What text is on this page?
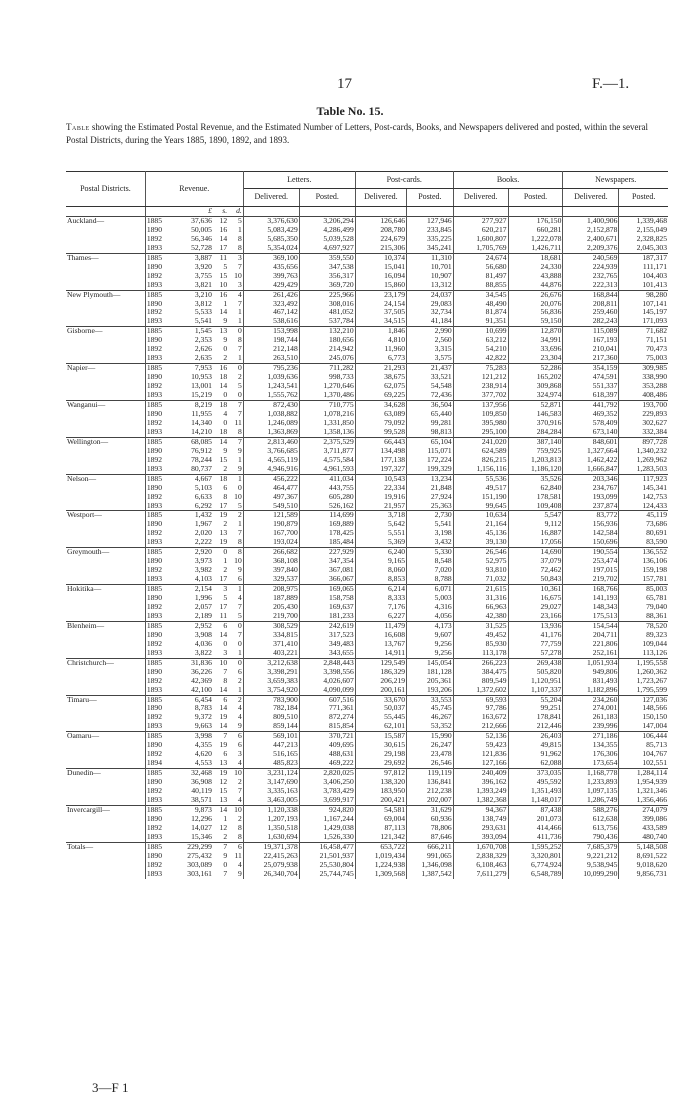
17	F.—1.
Table No. 15.
Table showing the Estimated Postal Revenue, and the Estimated Number of Letters, Post-cards, Books, and Newspapers delivered and posted, within the several Postal Districts, during the Years 1885, 1890, 1892, and 1893.
Postal Districts.	Revenue.				Letters.		Post-cards.		Books.		Newspapers.	
					Delivered.	Posted.	Delivered.	Posted.	Delivered.	Posted.	Delivered.	Posted.
		£	s.	d.								
Auckland—	1885	37,636	12	5	3,376,630	3,206,294	126,646	127,946	277,927	176,150	1,400,906	1,339,468
	1890	50,005	16	1	5,083,429	4,286,499	208,780	233,845	620,217	660,281	2,152,878	2,155,049
	1892	56,346	14	8	5,685,350	5,039,528	224,679	335,225	1,600,807	1,222,078	2,400,671	2,328,825
	1893	52,728	17	8	5,354,024	4,697,927	215,306	345,241	1,705,769	1,426,711	2,209,376	2,045,303
Thames—	1885	3,887	11	3	369,100	359,550	10,374	11,310	24,674	18,681	240,569	187,317
	1890	3,920	5	7	435,656	347,538	15,041	10,701	56,680	24,330	224,939	111,171
	1892	3,755	15	10	399,763	356,317	16,094	10,907	81,497	43,888	232,765	104,403
	1893	3,821	10	3	429,429	369,720	15,860	13,312	88,855	44,876	222,313	101,413
New Plymouth—	1885	3,210	16	4	261,426	225,966	23,179	24,037	34,545	26,676	168,844	98,280
	1890	3,812	1	7	323,492	308,016	24,154	29,083	48,490	20,076	208,811	107,141
	1892	5,533	14	1	467,142	481,052	37,505	32,734	81,874	56,836	259,460	145,197
	1893	5,541	9	1	538,616	537,784	34,515	41,184	91,351	59,150	282,243	171,093
Gisborne—	1885	1,545	13	0	153,998	132,210	1,846	2,990	10,699	12,870	115,089	71,682
	1890	2,353	9	8	198,744	180,656	4,810	2,560	63,212	34,991	167,193	71,151
	1892	2,626	0	7	212,148	214,942	11,960	3,315	54,210	33,696	210,041	70,473
	1893	2,635	2	1	263,510	245,076	6,773	3,575	42,822	23,304	217,360	75,003
Napier—	1885	7,953	16	0	795,236	711,282	21,293	21,437	75,283	52,286	354,159	309,985
	1890	10,953	18	2	1,039,636	998,733	38,675	33,521	121,212	165,202	474,591	338,990
	1892	13,001	14	5	1,243,541	1,270,646	62,075	54,548	238,914	309,868	551,337	353,288
	1893	15,219	0	0	1,555,762	1,370,486	69,225	72,436	377,702	324,974	618,397	408,486
Wanganui—	1885	8,219	18	7	872,430	710,775	34,628	36,504	137,956	52,871	441,792	193,700
	1890	11,955	4	7	1,038,882	1,078,216	63,089	65,440	109,850	146,583	469,352	229,893
	1892	14,340	0	11	1,246,089	1,331,850	79,092	99,281	395,980	370,916	578,409	302,627
	1893	14,210	18	8	1,363,869	1,358,136	99,528	98,813	295,100	284,284	673,140	332,384
Wellington—	1885	68,085	14	7	2,813,460	2,375,529	66,443	65,104	241,020	387,140	848,601	897,728
	1890	76,912	9	9	3,766,685	3,711,877	134,498	115,071	624,589	759,925	1,327,664	1,340,232
	1892	78,244	15	1	4,565,119	4,575,584	177,138	172,224	826,215	1,203,813	1,462,422	1,269,962
	1893	80,737	2	9	4,946,916	4,961,593	197,327	199,329	1,156,116	1,186,120	1,666,847	1,283,503
Nelson—	1885	4,667	18	1	456,222	411,034	10,543	13,234	55,536	35,526	203,346	117,923
	1890	5,103	6	0	464,477	443,755	22,334	21,848	49,517	62,840	234,767	145,341
	1892	6,633	8	10	497,367	605,280	19,916	27,924	151,190	178,581	193,099	142,753
	1893	6,292	17	5	549,510	526,162	21,957	25,363	99,645	109,408	237,874	124,433
Westport—	1885	1,432	19	2	121,589	114,699	3,718	2,730	10,634	5,547	83,772	45,119
	1890	1,967	2	1	190,879	169,889	5,642	5,541	21,164	9,112	156,936	73,686
	1892	2,020	13	7	167,700	178,425	5,551	3,198	45,136	16,887	142,584	80,691
	1893	2,222	19	8	193,024	185,484	5,369	3,432	39,130	17,056	150,696	83,590
Greymouth—	1885	2,920	0	8	266,682	227,929	6,240	5,330	26,546	14,690	190,554	136,552
	1890	3,973	1	10	368,108	347,354	9,165	8,548	52,975	37,079	253,474	136,106
	1892	3,982	2	9	397,840	367,081	8,060	7,020	93,810	72,462	197,015	159,198
	1893	4,103	17	6	329,537	366,067	8,853	8,788	71,032	50,843	219,702	157,781
Hokitika—	1885	2,154	3	1	208,975	169,065	6,214	6,071	21,615	10,361	168,766	85,003
	1890	1,996	5	4	187,889	158,758	8,333	5,003	31,316	16,675	141,193	65,781
	1892	2,057	17	7	205,430	169,637	7,176	4,316	66,963	29,027	148,343	79,040
	1893	2,189	11	5	219,700	181,233	6,227	4,056	42,380	23,166	175,513	88,361
Blenheim—	1885	2,952	6	0	308,529	242,619	11,479	4,173	31,525	13,936	154,544	78,520
	1890	3,908	14	7	334,815	317,523	16,608	9,607	49,452	41,176	204,711	89,323
	1892	4,036	0	0	371,410	349,483	13,767	9,256	85,930	77,759	221,806	109,044
	1893	3,822	3	1	403,221	343,655	14,911	9,256	113,178	57,278	252,161	113,126
Christchurch—	1885	31,836	10	0	3,212,638	2,848,443	129,549	145,054	266,223	269,438	1,051,934	1,195,558
	1890	36,226	7	6	3,398,291	3,398,556	186,329	181,128	384,475	505,820	949,806	1,260,362
	1892	42,369	8	2	3,659,383	4,026,607	206,219	205,361	809,549	1,120,951	831,493	1,723,267
	1893	42,100	14	1	3,754,920	4,090,099	200,161	193,206	1,372,602	1,107,337	1,182,896	1,795,599
Timaru—	1885	6,454	6	2	783,900	607,516	33,670	33,553	69,593	55,204	234,260	127,036
	1890	8,783	14	4	782,184	771,361	50,037	45,745	97,786	99,251	274,001	148,566
	1892	9,372	19	4	809,510	872,274	55,445	46,267	163,672	178,841	261,183	150,150
	1893	9,663	14	9	859,144	815,854	62,101	53,352	212,666	212,446	239,996	147,004
Oamaru—	1885	3,998	7	6	569,101	370,721	15,587	15,990	52,136	26,403	271,186	106,444
	1890	4,355	19	6	447,213	409,695	30,615	26,247	59,423	49,815	134,355	85,713
	1892	4,620	6	3	516,165	488,631	29,198	23,478	121,836	91,962	176,306	104,767
	1894	4,553	13	4	485,823	469,222	29,692	26,546	127,166	62,088	173,654	102,551
Dunedin—	1885	32,468	19	10	3,231,124	2,820,025	97,812	119,119	240,409	373,035	1,168,778	1,284,114
	1890	36,908	12	2	3,147,690	3,406,250	138,320	136,841	396,162	495,592	1,233,893	1,954,939
	1892	40,119	15	7	3,335,163	3,783,429	183,950	212,238	1,393,249	1,351,493	1,097,135	1,321,346
	1893	38,571	13	4	3,463,005	3,699,917	200,421	202,007	1,382,368	1,148,017	1,286,749	1,356,466
Invercargill—	1885	9,873	14	10	1,120,338	924,820	54,581	31,629	94,367	87,438	588,276	274,079
	1890	12,296	1	2	1,207,193	1,167,244	69,004	60,936	138,749	201,073	612,638	399,086
	1892	14,027	12	8	1,350,518	1,429,038	87,113	78,806	293,631	414,466	613,756	433,589
	1893	15,346	2	8	1,630,694	1,526,330	121,342	87,646	393,094	411,736	790,436	480,740
Totals—	1885	229,299	7	6	19,371,378	16,458,477	653,722	666,211	1,670,708	1,595,252	7,685,379	5,148,508
	1890	275,432	9	11	22,415,263	21,501,937	1,019,434	991,065	2,838,329	3,320,801	9,221,212	8,691,522
	1892	303,089	0	4	25,079,938	25,530,804	1,224,938	1,346,098	6,108,463	6,774,924	9,538,945	9,018,620
	1893	303,161	7	9	26,340,704	25,744,745	1,309,568	1,387,542	7,611,279	6,548,789	10,099,290	9,856,731
3—F 1
